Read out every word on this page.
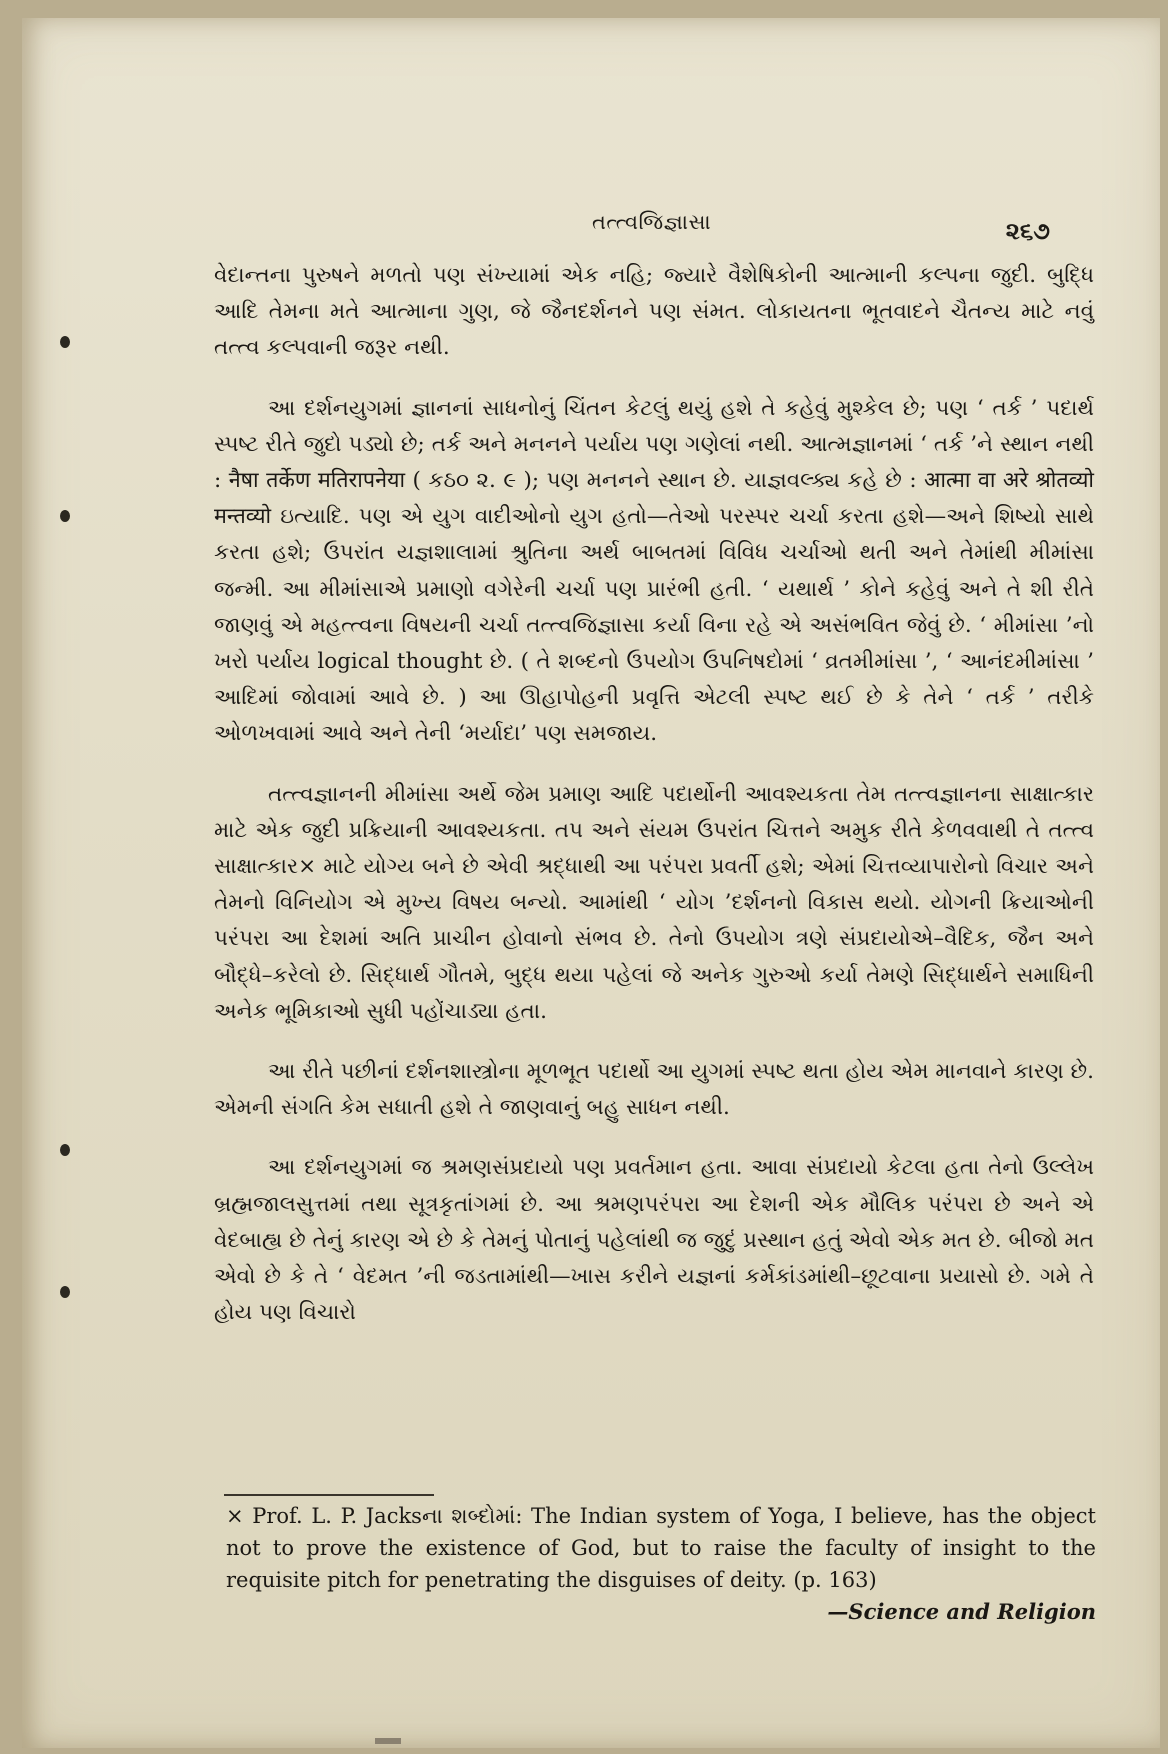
તત્ત્વજિજ્ઞાસા	૨૬૭

વેદાન્તના પુરુષને મળતો પણ સંખ્યામાં એક નહિ; જ્યારે વૈશેષિકોની આત્માની કલ્પના જુદી. બુદ્ધિ આદિ તેમના મતે આત્માના ગુણ, જે જૈનદર્શનને પણ સંમત. લોકાયતના ભૂતવાદને ચૈતન્ય માટે નવું તત્ત્વ કલ્પવાની જરૂર નથી.

આ દર્શનયુગમાં જ્ઞાનનાં સાધનોનું ચિંતન કેટલું થયું હશે તે કહેવું મુશ્કેલ છે; પણ ‘ તર્ક ’ પદાર્થ સ્પષ્ટ રીતે જુદો પડ્યો છે; તર્ક અને મનનને પર્યાય પણ ગણેલાં નથી. આત્મજ્ઞાનમાં ‘ તર્ક ’ને સ્થાન નથી : नैषा तर्केण मतिरापनेया ( કઠ૦ ૨. ૯ ); પણ મનનને સ્થાન છે. યાજ્ઞવલ્ક્ય કહે છે : आत्मा वा अरे श्रोतव्यो मन्तव्यो ઇત્યાદિ. પણ એ યુગ વાદીઓનો યુગ હતો—તેઓ પરસ્પર ચર્ચા કરતા હશે—અને શિષ્યો સાથે કરતા હશે; ઉપરાંત યજ્ઞશાલામાં શ્રુતિના અર્થ બાબતમાં વિવિધ ચર્ચાઓ થતી અને તેમાંથી મીમાંસા જન્મી. આ મીમાંસાએ પ્રમાણો વગેરેની ચર્ચા પણ પ્રારંભી હતી. ‘ યથાર્થ ’ કોને કહેવું અને તે શી રીતે જાણવું એ મહત્ત્વના વિષયની ચર્ચા તત્ત્વજિજ્ઞાસા કર્યા વિના રહે એ અસંભવિત જેવું છે. ‘ મીમાંસા ’નો ખરો પર્યાય logical thought છે. ( તે શબ્દનો ઉપયોગ ઉપનિષદોમાં ‘ વ્રતમીમાંસા ’, ‘ આનંદમીમાંસા ’ આદિમાં જોવામાં આવે છે. ) આ ઊહાપોહની પ્રવૃત્તિ એટલી સ્પષ્ટ થઈ છે કે તેને ‘ તર્ક ’ તરીકે ઓળખવામાં આવે અને તેની ‘મર્યાદા’ પણ સમજાય.

તત્ત્વજ્ઞાનની મીમાંસા અર્થે જેમ પ્રમાણ આદિ પદાર્થોની આવશ્યકતા તેમ તત્ત્વજ્ઞાનના સાક્ષાત્કાર માટે એક જુદી પ્રક્રિયાની આવશ્યકતા. તપ અને સંયમ ઉપરાંત ચિત્તને અમુક રીતે કેળવવાથી તે તત્ત્વ સાક્ષાત્કાર× માટે યોગ્ય બને છે એવી શ્રદ્ધાથી આ પરંપરા પ્રવર્તી હશે; એમાં ચિત્તવ્યાપારોનો વિચાર અને તેમનો વિનિયોગ એ મુખ્ય વિષય બન્યો. આમાંથી ‘ યોગ ’દર્શનનો વિકાસ થયો. યોગની ક્રિયાઓની પરંપરા આ દેશમાં અતિ પ્રાચીન હોવાનો સંભવ છે. તેનો ઉપયોગ ત્રણે સંપ્રદાયોએ–વૈદિક, જૈન અને બૌદ્ધે–કરેલો છે. સિદ્ધાર્થ ગૌતમે, બુદ્ધ થયા પહેલાં જે અનેક ગુરુઓ કર્યા તેમણે સિદ્ધાર્થને સમાધિની અનેક ભૂમિકાઓ સુધી પહોંચાડ્યા હતા.

આ રીતે પછીનાં દર્શનશાસ્ત્રોના મૂળભૂત પદાર્થો આ યુગમાં સ્પષ્ટ થતા હોય એમ માનવાને કારણ છે. એમની સંગતિ કેમ સધાતી હશે તે જાણવાનું બહુ સાધન નથી.

આ દર્શનયુગમાં જ શ્રમણસંપ્રદાયો પણ પ્રવર્તમાન હતા. આવા સંપ્રદાયો કેટલા હતા તેનો ઉલ્લેખ બ્રહ્મજાલસુત્તમાં તથા સૂત્રકૃતાંગમાં છે. આ શ્રમણપરંપરા આ દેશની એક મૌલિક પરંપરા છે અને એ વેદબાહ્ય છે તેનું કારણ એ છે કે તેમનું પોતાનું પહેલાંથી જ જુદું પ્રસ્થાન હતું એવો એક મત છે. બીજો મત એવો છે કે તે ‘ વેદમત ’ની જડતામાંથી—ખાસ કરીને યજ્ઞનાં કર્મકાંડમાંથી–છૂટવાના પ્રયાસો છે. ગમે તે હોય પણ વિચારો

× Prof. L. P. Jacksના શબ્દોમાં: The Indian system of Yoga, I believe, has the object not to prove the existence of God, but to raise the faculty of insight to the requisite pitch for penetrating the disguises of deity. (p. 163)
—Science and Religion
